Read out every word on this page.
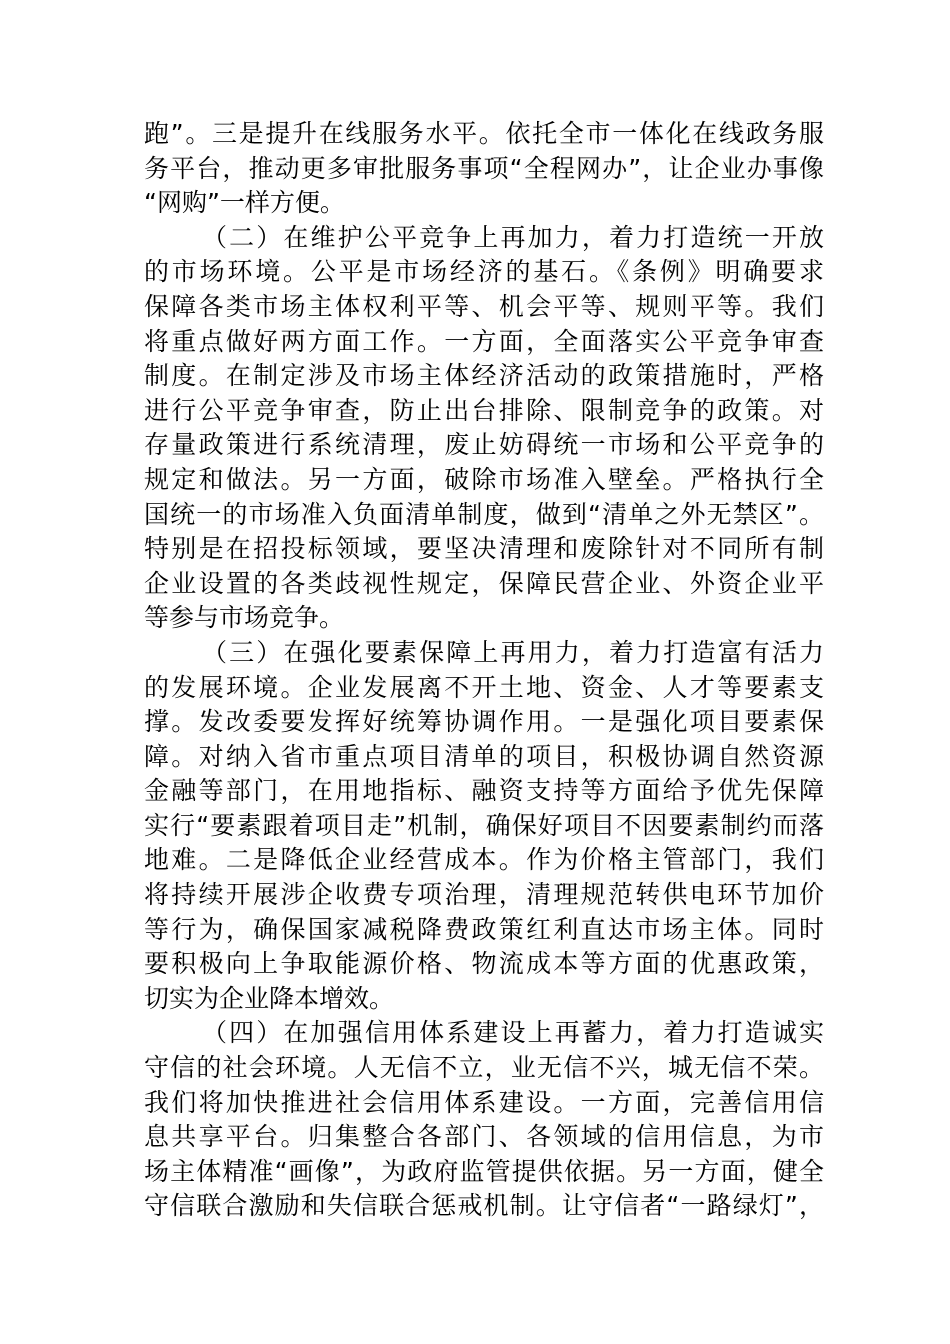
跑”。三是提升在线服务水平。依托全市一体化在线政务服
务平台，推动更多审批服务事项“全程网办”，让企业办事像
“网购”一样方便。
（二）在维护公平竞争上再加力，着力打造统一开放
的市场环境。公平是市场经济的基石。《条例》明确要求
保障各类市场主体权利平等、机会平等、规则平等。我们
将重点做好两方面工作。一方面，全面落实公平竞争审查
制度。在制定涉及市场主体经济活动的政策措施时，严格
进行公平竞争审查，防止出台排除、限制竞争的政策。对
存量政策进行系统清理，废止妨碍统一市场和公平竞争的
规定和做法。另一方面，破除市场准入壁垒。严格执行全
国统一的市场准入负面清单制度，做到“清单之外无禁区”。
特别是在招投标领域，要坚决清理和废除针对不同所有制
企业设置的各类歧视性规定，保障民营企业、外资企业平
等参与市场竞争。
（三）在强化要素保障上再用力，着力打造富有活力
的发展环境。企业发展离不开土地、资金、人才等要素支
撑。发改委要发挥好统筹协调作用。一是强化项目要素保
障。对纳入省市重点项目清单的项目，积极协调自然资源
金融等部门，在用地指标、融资支持等方面给予优先保障
实行“要素跟着项目走”机制，确保好项目不因要素制约而落
地难。二是降低企业经营成本。作为价格主管部门，我们
将持续开展涉企收费专项治理，清理规范转供电环节加价
等行为，确保国家减税降费政策红利直达市场主体。同时
要积极向上争取能源价格、物流成本等方面的优惠政策，
切实为企业降本增效。
（四）在加强信用体系建设上再蓄力，着力打造诚实
守信的社会环境。人无信不立，业无信不兴，城无信不荣。
我们将加快推进社会信用体系建设。一方面，完善信用信
息共享平台。归集整合各部门、各领域的信用信息，为市
场主体精准“画像”，为政府监管提供依据。另一方面，健全
守信联合激励和失信联合惩戒机制。让守信者“一路绿灯”，
